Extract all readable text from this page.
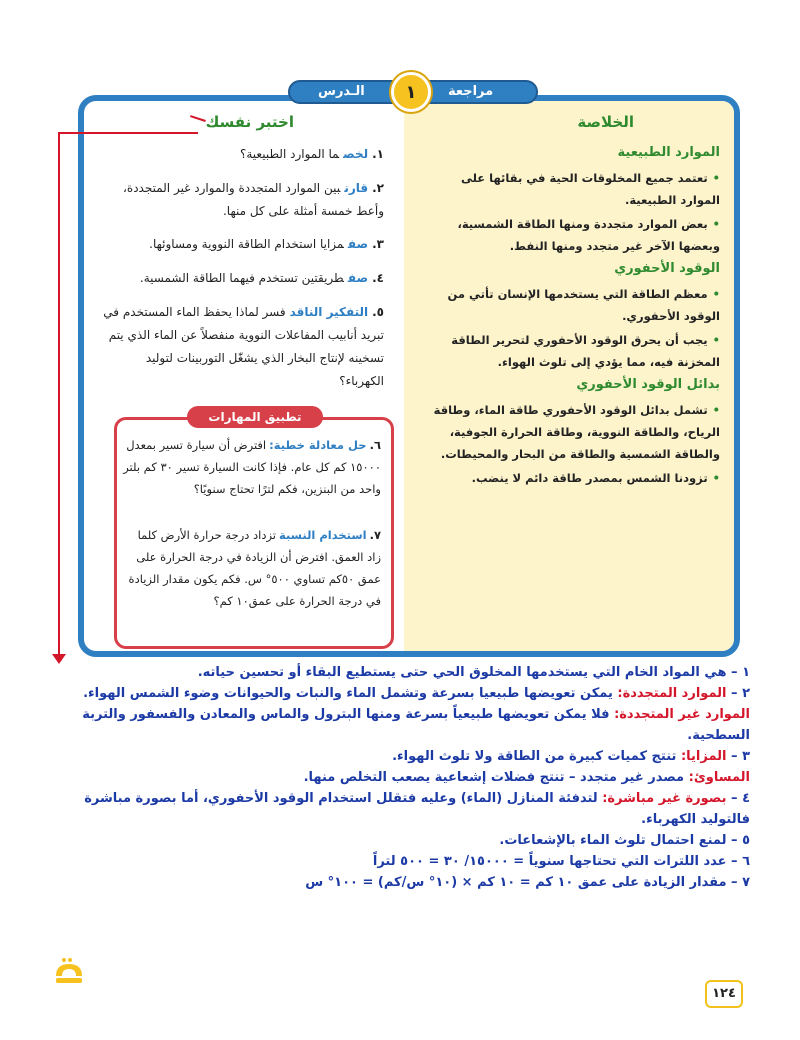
الخلاصة
الموارد الطبيعية
•تعتمد جميع المخلوقات الحية في بقائها على الموارد الطبيعية.
•بعض الموارد متجددة ومنها الطاقة الشمسية، وبعضها الآخر غير متجدد ومنها النفط.
الوقود الأحفوري
•معظم الطاقة التي يستخدمها الإنسان تأتي من الوقود الأحفوري.
•يجب أن يحرق الوقود الأحفوري لتحرير الطاقة المخزنة فيه، مما يؤدي إلى تلوث الهواء.
بدائل الوقود الأحفوري
•تشمل بدائل الوقود الأحفوري طاقة الماء، وطاقة الرياح، والطاقة النووية، وطاقة الحرارة الجوفية، والطاقة الشمسية والطاقة من البحار والمحيطات.
•تزودنا الشمس بمصدر طاقة دائم لا ينضب.
اختبر نفسك
١.لخصما الموارد الطبيعية؟
٢.قارنبين الموارد المتجددة والموارد غير المتجددة، وأعط خمسة أمثلة على كل منها.
٣.صفمزايا استخدام الطاقة النووية ومساوئها.
٤.صفطريقتين تستخدم فيهما الطاقة الشمسية.
٥.التفكير الناقدفسر لماذا يحفظ الماء المستخدم في تبريد أنابيب المفاعلات النووية منفصلاً عن الماء الذي يتم تسخينه لإنتاج البخار الذي يشغّل التوربينات لتوليد الكهرباء؟
تطبيق المهارات
٦.حل معادلة خطية:افترض أن سيارة تسير بمعدل ١٥٠٠٠ كم كل عام. فإذا كانت السيارة تسير ٣٠ كم بلتر واحد من البنزين، فكم لترًا تحتاج سنويًا؟
٧.استخدام النسبةتزداد درجة حرارة الأرض كلما زاد العمق. افترض أن الزيادة في درجة الحرارة على عمق ٥٠كم تساوي ٥٠٠° س. فكم يكون مقدار الزيادة في درجة الحرارة على عمق١٠ كم؟
مراجعة
١
الـدرس

١ – هي المواد الخام التي يستخدمها المخلوق الحي حتى يستطيع البقاء أو تحسين حياته.

٢ – الموارد المتجددة: يمكن تعويضها طبيعيا بسرعة وتشمل الماء والنبات والحيوانات وضوء الشمس الهواء.

الموارد غير المتجددة: فلا يمكن تعويضها طبيعياً بسرعة ومنها البترول والماس والمعادن والفسفور والتربة السطحية.

٣ – المزايا: تنتج كميات كبيرة من الطاقة ولا تلوث الهواء.

المساوئ: مصدر غير متجدد – تنتج فضلات إشعاعية يصعب التخلص منها.

٤ – بصورة غير مباشرة: لتدفئة المنازل (الماء) وعليه فتقلل استخدام الوقود الأحفوري، أما بصورة مباشرة فالتوليد الكهرباء.

٥ – لمنع احتمال تلوث الماء بالإشعاعات.

٦ – عدد اللترات التي تحتاجها سنوياً = ١٥٠٠٠/ ٣٠ = ٥٠٠ لتراً

٧ – مقدار الزيادة على عمق ١٠ كم = ١٠ كم × (١٠° س/كم) = ١٠٠° س

١٢٤
